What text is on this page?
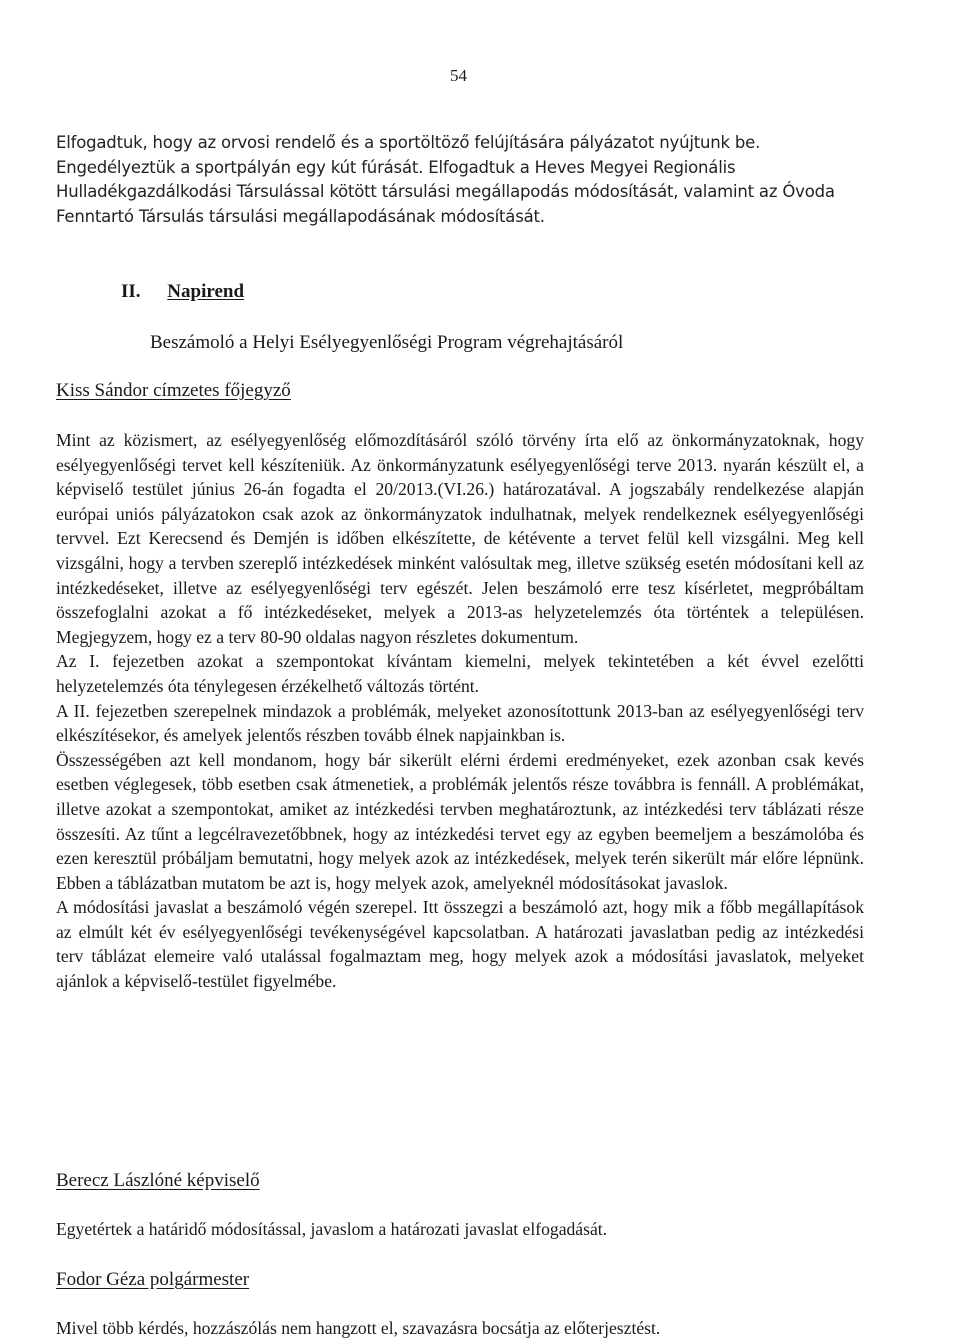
54

Elfogadtuk, hogy az orvosi rendelő és a sportöltöző felújítására pályázatot nyújtunk be. Engedélyeztük a sportpályán egy kút fúrását. Elfogadtuk a Heves Megyei Regionális Hulladékgazdálkodási Társulással kötött társulási megállapodás módosítását, valamint az Óvoda Fenntartó Társulás társulási megállapodásának módosítását.

II. Napirend
Beszámoló a Helyi Esélyegyenlőségi Program végrehajtásáról

Kiss Sándor címzetes főjegyző

Mint az közismert, az esélyegyenlőség előmozdításáról szóló törvény írta elő az önkormányzatoknak, hogy esélyegyenlőségi tervet kell készíteniük. Az önkormányzatunk esélyegyenlőségi terve 2013. nyarán készült el, a képviselő testület június 26-án fogadta el 20/2013.(VI.26.) határozatával. A jogszabály rendelkezése alapján európai uniós pályázatokon csak azok az önkormányzatok indulhatnak, melyek rendelkeznek esélyegyenlőségi tervvel. Ezt Kerecsend és Demjén is időben elkészítette, de kétévente a tervet felül kell vizsgálni. Meg kell vizsgálni, hogy a tervben szereplő intézkedések minként valósultak meg, illetve szükség esetén módosítani kell az intézkedéseket, illetve az esélyegyenlőségi terv egészét. Jelen beszámoló erre tesz kísérletet, megpróbáltam összefoglalni azokat a fő intézkedéseket, melyek a 2013-as helyzetelemzés óta történtek a településen. Megjegyzem, hogy ez a terv 80-90 oldalas nagyon részletes dokumentum.

Az I. fejezetben azokat a szempontokat kívántam kiemelni, melyek tekintetében a két évvel ezelőtti helyzetelemzés óta ténylegesen érzékelhető változás történt.

A II. fejezetben szerepelnek mindazok a problémák, melyeket azonosítottunk 2013-ban az esélyegyenlőségi terv elkészítésekor, és amelyek jelentős részben tovább élnek napjainkban is.

Összességében azt kell mondanom, hogy bár sikerült elérni érdemi eredményeket, ezek azonban csak kevés esetben véglegesek, több esetben csak átmenetiek, a problémák jelentős része továbbra is fennáll. A problémákat, illetve azokat a szempontokat, amiket az intézkedési tervben meghatároztunk, az intézkedési terv táblázati része összesíti. Az tűnt a legcélravezetőbbnek, hogy az intézkedési tervet egy az egyben beemeljem a beszámolóba és ezen keresztül próbáljam bemutatni, hogy melyek azok az intézkedések, melyek terén sikerült már előre lépnünk. Ebben a táblázatban mutatom be azt is, hogy melyek azok, amelyeknél módosításokat javaslok.

A módosítási javaslat a beszámoló végén szerepel. Itt összegzi a beszámoló azt, hogy mik a főbb megállapítások az elmúlt két év esélyegyenlőségi tevékenységével kapcsolatban. A határozati javaslatban pedig az intézkedési terv táblázat elemeire való utalással fogalmaztam meg, hogy melyek azok a módosítási javaslatok, melyeket ajánlok a képviselő-testület figyelmébe.

Berecz Lászlóné képviselő

Egyetértek a határidő módosítással, javaslom a határozati javaslat elfogadását.

Fodor Géza polgármester

Mivel több kérdés, hozzászólás nem hangzott el, szavazásra bocsátja az előterjesztést.
